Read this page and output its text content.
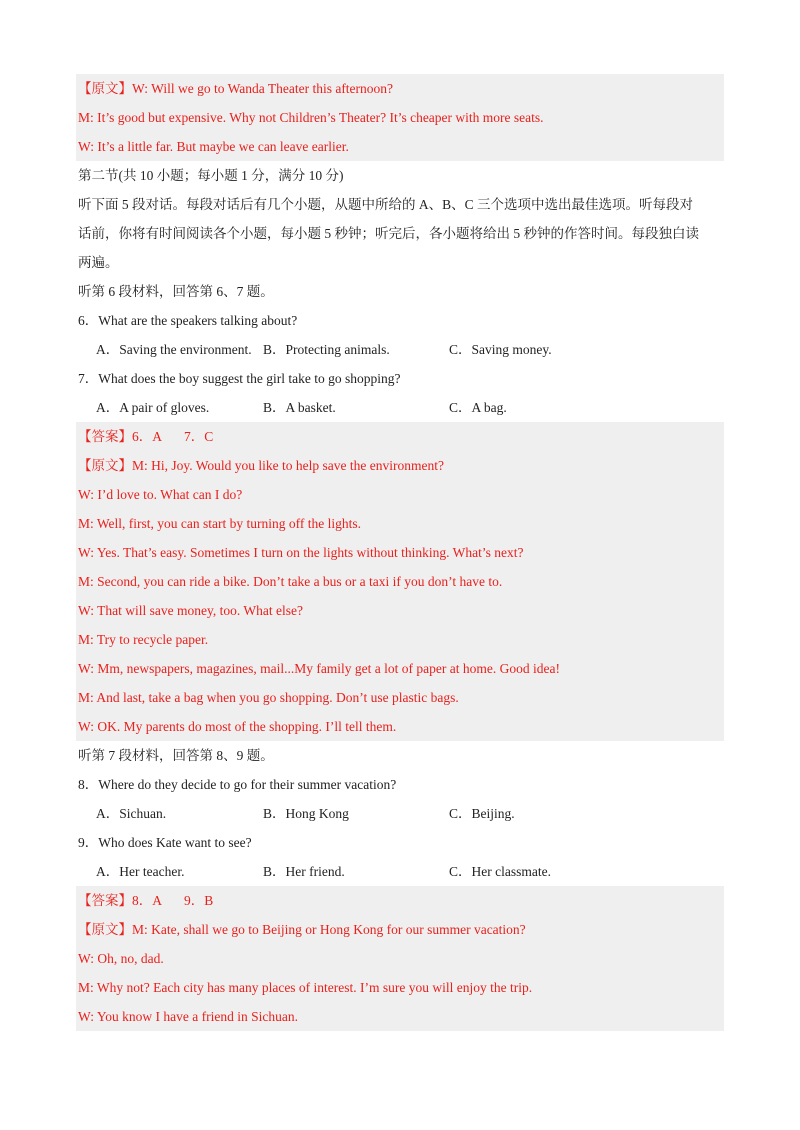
【原文】W: Will we go to Wanda Theater this afternoon?
M: It’s good but expensive. Why not Children’s Theater? It’s cheaper with more seats.
W: It’s a little far. But maybe we can leave earlier.
第二节(共 10 小题；每小题 1 分，满分 10 分)
听下面 5 段对话。每段对话后有几个小题，从题中所给的 A、B、C 三个选项中选出最佳选项。听每段对
话前，你将有时间阅读各个小题，每小题 5 秒钟；听完后，各小题将给出 5 秒钟的作答时间。每段独白读
两遍。
听第 6 段材料，回答第 6、7 题。
6．What are the speakers talking about?
A．Saving the environment. B．Protecting animals.	C．Saving money.
7．What does the boy suggest the girl take to go shopping?
A．A pair of gloves.	B．A basket.	C．A bag.
【答案】6．A 7．C
【原文】M: Hi, Joy. Would you like to help save the environment?
W: I’d love to. What can I do?
M: Well, first, you can start by turning off the lights.
W: Yes. That’s easy. Sometimes I turn on the lights without thinking. What’s next?
M: Second, you can ride a bike. Don’t take a bus or a taxi if you don’t have to.
W: That will save money, too. What else?
M: Try to recycle paper.
W: Mm, newspapers, magazines, mail...My family get a lot of paper at home. Good idea!
M: And last, take a bag when you go shopping. Don’t use plastic bags.
W: OK. My parents do most of the shopping. I’ll tell them.
听第 7 段材料，回答第 8、9 题。
8．Where do they decide to go for their summer vacation?
A．Sichuan.	B．Hong Kong	C．Beijing.
9．Who does Kate want to see?
A．Her teacher.	B．Her friend.	C．Her classmate.
【答案】8．A 9．B
【原文】M: Kate, shall we go to Beijing or Hong Kong for our summer vacation?
W: Oh, no, dad.
M: Why not? Each city has many places of interest. I’m sure you will enjoy the trip.
W: You know I have a friend in Sichuan.
